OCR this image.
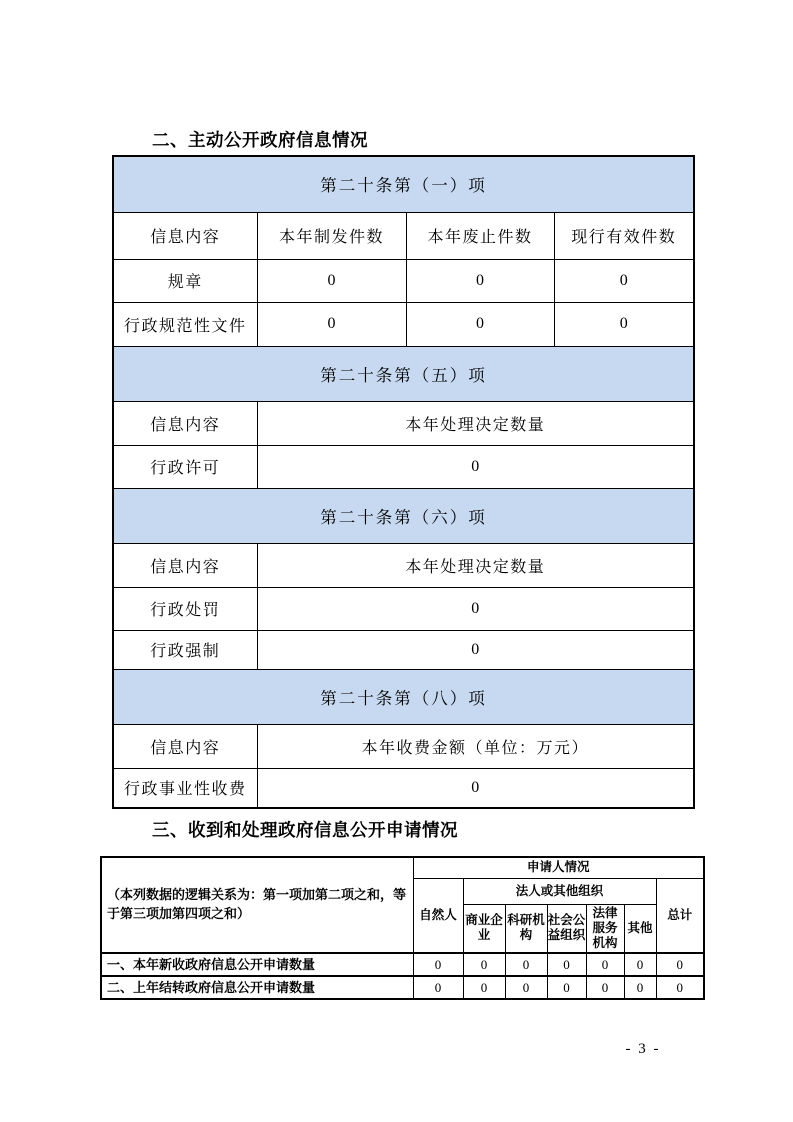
二、主动公开政府信息情况
第二十条第（一）项			
信息内容	本年制发件数	本年废止件数	现行有效件数
规章	0	0	0
行政规范性文件	0	0	0
第二十条第（五）项			
信息内容	本年处理决定数量		
行政许可	0		
第二十条第（六）项			
信息内容	本年处理决定数量		
行政处罚	0		
行政强制	0		
第二十条第（八）项			
信息内容	本年收费金额（单位：万元）		
行政事业性收费	0		
三、收到和处理政府信息公开申请情况
（本列数据的逻辑关系为：第一项加第二项之和，等于第三项加第四项之和）	申请人情况						
	自然人	法人或其他组织					总计
		商业企业	科研机构	社会公益组织	法律服务机构	其他	
一、本年新收政府信息公开申请数量	0	0	0	0	0	0	0
二、上年结转政府信息公开申请数量	0	0	0	0	0	0	0
- 3 -
